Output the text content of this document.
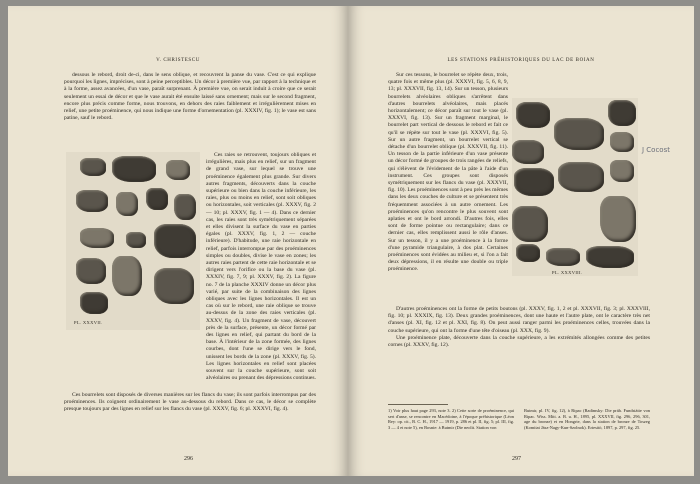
V. CHRISTESCU

dessous le rebord, droit de-ci, dans le sens oblique, et recouvrent la panse du vase. C'est ce qui explique pourquoi les lignes, imprécises, sont à peine perceptibles. Un décor à première vue, par rapport à la technique et à la forme, assez avancées, d'un vase, paraît surprenant. À première vue, on serait induit à croire que ce serait seulement un essai de décor et que le vase aurait été ensuite laissé sans ornement; mais sur le second fragment, encore plus précis comme forme, nous trouvons, en dehors des raies faiblement et irrégulièrement mises en relief, une petite proéminence, qui nous indique une forme d'ornementation (pl. XXXIV, fig. 1); le vase est sans patine, sauf le rebord.

PL. XXXVII.

Ces raies se retrouvent, toujours obliques et irrégulières, mais plus en relief, sur un fragment de grand vase, sur lequel se trouve une proéminence également plus grande. Sur divers autres fragments, découverts dans la couche supérieure ou bien dans la couche inférieure, les raies, plus ou moins en relief, sont soit obliques ou horizontales, soit verticales (pl. XXXV, fig. 2 — 10; pl. XXXV, fig. 1 — 4). Dans ce dernier cas, les raies sont très symétriquement séparées et elles divisent la surface du vase en parties égales (pl. XXXV, fig. 1, 2 — couche inférieure). D'habitude, une raie horizontale en relief, parfois interrompue par des proéminences simples ou doubles, divise le vase en zones; les autres raies partent de cette raie horizontale et se dirigent vers l'orifice ou la base du vase (pl. XXXIV, fig. 7, 9; pl. XXXV, fig. 2). La figure no. 7 de la planche XXXIV donne un décor plus varié, par suite de la combinaison des lignes obliques avec les lignes horizontales. Il est un cas où sur le rebord, une raie oblique se trouve au-dessus de la zone des raies verticales (pl. XXXV, fig. 4). Un fragment de vase, découvert près de la surface, présente, un décor formé par des lignes en relief, qui partant du bord de la base. À l'intérieur de la zone formée, des lignes courbes, dont l'une se dirige vers le fond, unissent les bords de la zone (pl. XXXV, fig. 5). Les lignes horizontales en relief sont placées souvent sur la couche supérieure, sont soit alvéolaires ou prenant des dépressions continues.

Ces bourrelets sont disposés de diverses manières sur les flancs du vase; ils sont parfois interrompus par des proéminences. Ils coignent ordinairement le vase au-dessous du rebord. Dans ce cas, le décor se complète presque toujours par des lignes en relief sur les flancs du vase (pl. XXXV, fig. 6; pl. XXXVI, fig. 4).

296
LES STATIONS PRÉHISTORIQUES DU LAC DE BOIAN

Sur ces tessons, le bourrelet se répète deux, trois, quatre fois et même plus (pl. XXXVI, fig. 5, 6, 8, 9, 13; pl. XXXVII, fig. 13, 14). Sur un tesson, plusieurs bourrelets alvéolaires obliques s'arrêtent dans d'autres bourrelets alvéolaires, mais placés horizontalement; ce décor paraît sur tout le vase (pl. XXXVI, fig. 13). Sur un fragment marginal, le bourrelet part vertical de dessous le rebord et fait ce qu'il se répète sur tout le vase (pl. XXXVI, fig. 5). Sur un autre fragment, un bourrelet vertical se détache d'un bourrelet oblique (pl. XXXVII, fig. 11). Un tesson de la partie inférieure d'un vase présente un décor formé de groupes de trois rangées de reliefs, qui s'élèvent de l'évidement de la pâte à l'aide d'un instrument. Ces groupes sont disposés symétriquement sur les flancs du vase (pl. XXXVII, fig. 10). Les proéminences sont à peu près les mêmes dans les deux couches de culture et se présentent très fréquemment associées à un autre ornement. Les proéminences qu'on rencontre le plus souvent sont aplaties et ont le bord arrondi. D'autres fois, elles sont de forme pointue ou rectangulaire; dans ce dernier cas, elles remplissent aussi le rôle d'anses. Sur un tesson, il y a une proéminence à la forme d'une pyramide triangulaire, à dos plat. Certaines proéminences sont évidées au milieu et, si l'on a fait deux dépressions, il en résulte une double ou triple proéminence.

PL. XXXVIII.
J Cocost

D'autres proéminences ont la forme de petits boutons (pl. XXXV, fig. 1, 2 et pl. XXXVII, fig. 3; pl. XXXVIII, fig. 10; pl. XXXIX, fig. 13). Deux grandes proéminences, dont une haute et l'autre plate, ont le caractère très net d'anses (pl. XI, fig. 12 et pl. XXI, fig. 8). On peut aussi ranger parmi les proéminences celles, trouvées dans la couche supérieure, qui ont la forme d'une tête d'oiseau (pl. XXX, fig. 9).

Une proéminence plate, découverte dans la couche supérieure, a les extrémités allongées comme des petites cornes (pl. XXXV, fig. 12).

1) Voir plus haut page 293, note 3. 2) Cette sorte de proéminence, qui sert d'anse, se rencontre en Macédoine, à l'époque préhistorique (Léon Rey: op. cit., B. C. H., 1917 — 1919, p. 286 et pl. II, fig. 5; pl. III, fig. 3 — 4 et note 5), en Bosnie: à Butmir (Die neolit. Station von
Butmir, pl. IV, fig. 12), à Ripac (Radimsky: Die präh. Fundstätte von Ripac. Wiss. Mitt. a. B. u. H., 1895, pl. XXXVII, fig. 296, 296, 301, age du bronze) et en Hongrie, dans la station de bronze de Toszeg (Komitat Jász-Nagy-Kun-Szolnok). Ertesitö, 1897, p. 297, fig. 25.
297
